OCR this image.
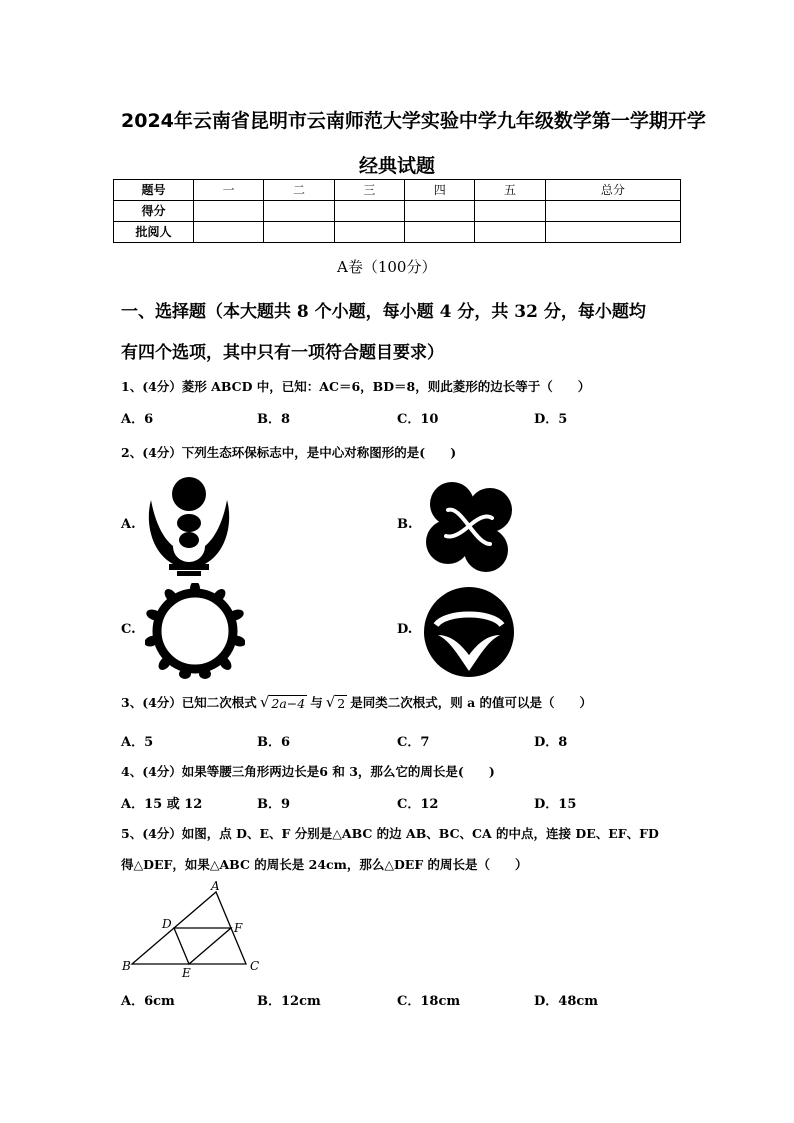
2024年云南省昆明市云南师范大学实验中学九年级数学第一学期开学
经典试题
题号	一	二	三	四	五	总分
得分						
批阅人						
A卷（100分）
一、选择题（本大题共 8 个小题，每小题 4 分，共 32 分，每小题均
有四个选项，其中只有一项符合题目要求）
1、(4分）菱形 ABCD 中，已知：AC＝6，BD＝8，则此菱形的边长等于（　　）
A．6	B．8	C．10	D．5
2、(4分）下列生态环保标志中，是中心对称图形的是(　　)
A.	B.
C.	D.
3、(4分）已知二次根式 √ 2a−4 与 √ 2 是同类二次根式，则 a 的值可以是（　　）
A．5	B．6	C．7	D．8
4、(4分）如果等腰三角形两边长是6 和 3，那么它的周长是(　　)
A．15 或 12	B．9	C．12	D．15
5、(4分）如图，点 D、E、F 分别是△ABC 的边 AB、BC、CA 的中点，连接 DE、EF、FD
得△DEF，如果△ABC 的周长是 24cm，那么△DEF 的周长是（　　）
A
B	C
D
E
F
A．6cm	B．12cm	C．18cm	D．48cm
